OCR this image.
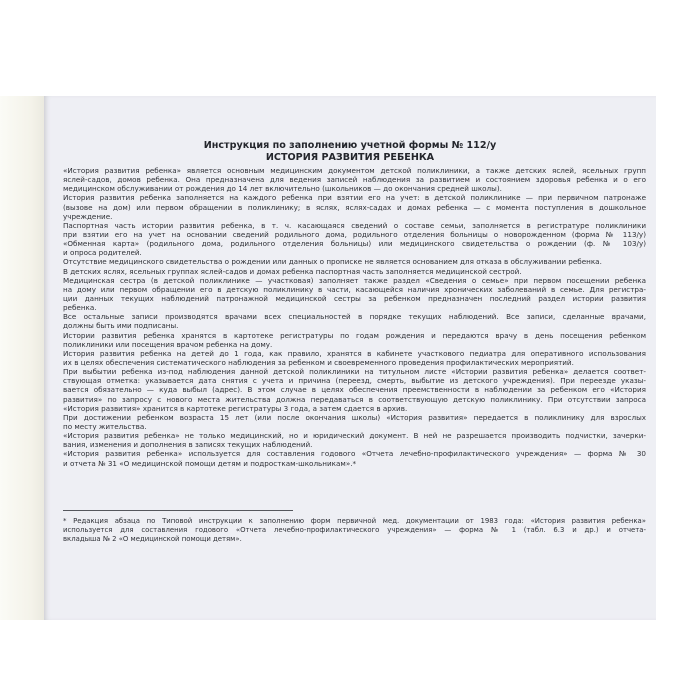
Инструкция по заполнению учетной формы № 112/у
ИСТОРИЯ РАЗВИТИЯ РЕБЕНКА
«История развития ребенка» является основным медицинским документом детской поликлиники, а также детских яслей, ясельных групп
яслей-садов, домов ребенка. Она предназначена для ведения записей наблюдения за развитием и состоянием здоровья ребенка и о его
медицинском обслуживании от рождения до 14 лет включительно (школьников — до окончания средней школы).
История развития ребенка заполняется на каждого ребенка при взятии его на учет: в детской поликлинике — при первичном патронаже
(вызове на дом) или первом обращении в поликлинику; в яслях, яслях-садах и домах ребенка — с момента поступления в дошкольное
учреждение.
Паспортная часть истории развития ребенка, в т. ч. касающаяся сведений о составе семьи, заполняется в регистратуре поликлиники
при взятии его на учет на основании сведений родильного дома, родильного отделения больницы о новорожденном (форма № 113/у)
«Обменная карта» (родильного дома, родильного отделения больницы) или медицинского свидетельства о рождении (ф. № 103/у)
и опроса родителей.
Отсутствие медицинского свидетельства о рождении или данных о прописке не является основанием для отказа в обслуживании ребенка.
В детских яслях, ясельных группах яслей-садов и домах ребенка паспортная часть заполняется медицинской сестрой.
Медицинская сестра (в детской поликлинике — участковая) заполняет также раздел «Сведения о семье» при первом посещении ребенка
на дому или первом обращении его в детскую поликлинику в части, касающейся наличия хронических заболеваний в семье. Для регистра-
ции данных текущих наблюдений патронажной медицинской сестры за ребенком предназначен последний раздел истории развития
ребенка.
Все остальные записи производятся врачами всех специальностей в порядке текущих наблюдений. Все записи, сделанные врачами,
должны быть ими подписаны.
Истории развития ребенка хранятся в картотеке регистратуры по годам рождения и передаются врачу в день посещения ребенком
поликлиники или посещения врачом ребенка на дому.
История развития ребенка на детей до 1 года, как правило, хранятся в кабинете участкового педиатра для оперативного использования
их в целях обеспечения систематического наблюдения за ребенком и своевременного проведения профилактических мероприятий.
При выбытии ребенка из-под наблюдения данной детской поликлиники на титульном листе «Истории развития ребенка» делается соответ-
ствующая отметка: указывается дата снятия с учета и причина (переезд, смерть, выбытие из детского учреждения). При переезде указы-
вается обязательно — куда выбыл (адрес). В этом случае в целях обеспечения преемственности в наблюдении за ребенком его «История
развития» по запросу с нового места жительства должна передаваться в соответствующую детскую поликлинику. При отсутствии запроса
«История развития» хранится в картотеке регистратуры 3 года, а затем сдается в архив.
При достижении ребенком возраста 15 лет (или после окончания школы) «История развития» передается в поликлинику для взрослых
по месту жительства.
«История развития ребенка» не только медицинский, но и юридический документ. В ней не разрешается производить подчистки, зачерки-
вания, изменения и дополнения в записях текущих наблюдений.
«История развития ребенка» используется для составления годового «Отчета лечебно-профилактического учреждения» — форма № 30
и отчета № 31 «О медицинской помощи детям и подросткам-школьникам».*
* Редакция абзаца по Типовой инструкции к заполнению форм первичной мед. документации от 1983 года: «История развития ребенка»
используется для составления годового «Отчета лечебно-профилактического учреждения» — форма № 1 (табл. 6.3 и др.) и отчета-
вкладыша № 2 «О медицинской помощи детям».
